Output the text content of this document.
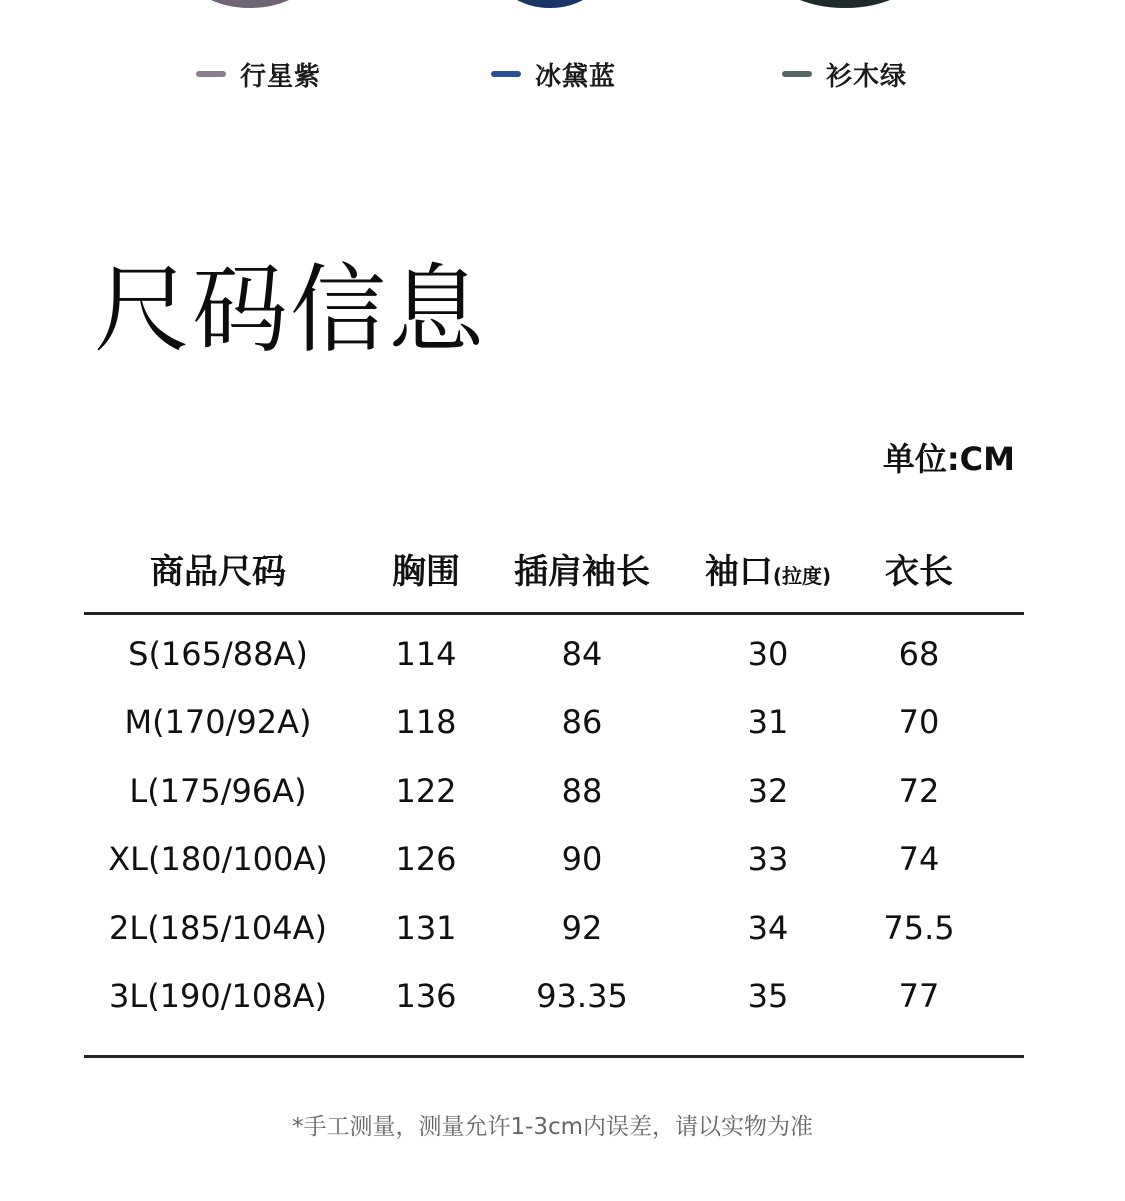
行星紫	冰黛蓝	衫木绿
尺码信息
单位:CM
商品尺码	胸围 插肩袖长 袖口(拉度) 衣长
S(165/88A)	114	84	30	68
M(170/92A)	118	86	31	70
L(175/96A)	122	88	32	72
XL(180/100A) 126	90	33	74
2L(185/104A) 131	92	34	75.5
3L(190/108A) 136 93.35	35	77
*手工测量，测量允许1-3cm内误差，请以实物为准
